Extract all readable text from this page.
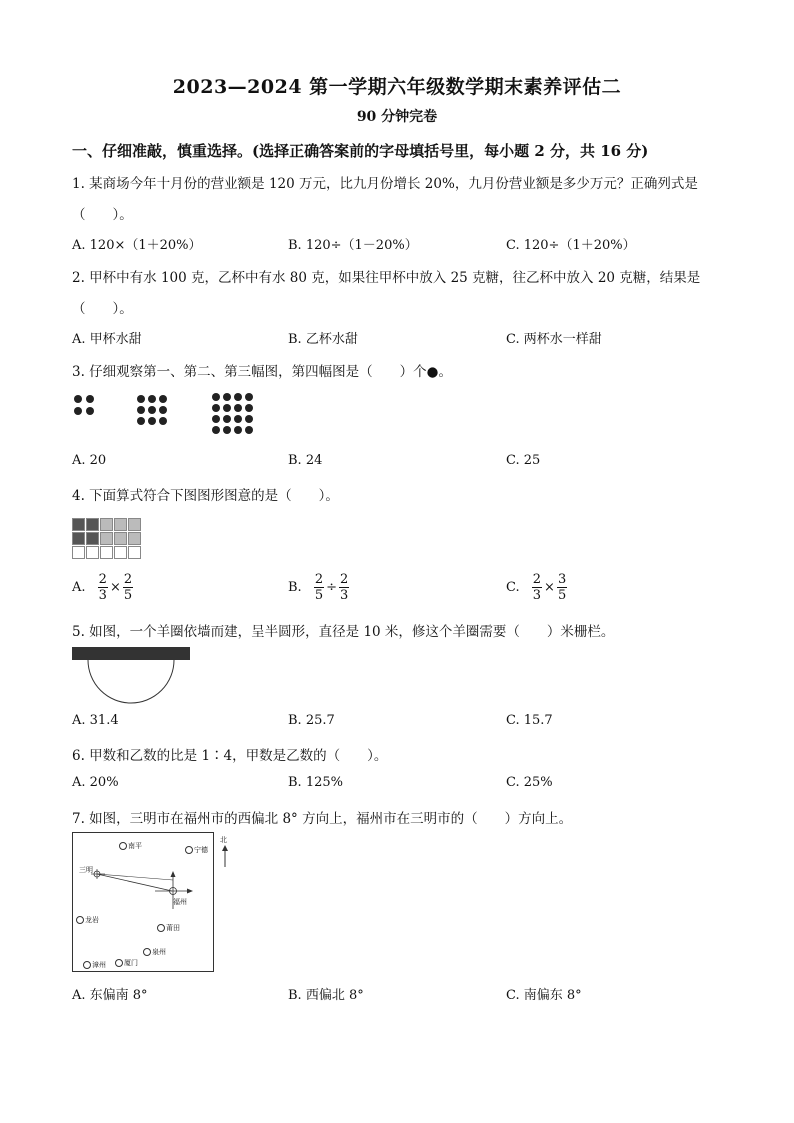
2023—2024 第一学期六年级数学期末素养评估二
90 分钟完卷
一、仔细准敲，慎重选择。(选择正确答案前的字母填括号里，每小题 2 分，共 16 分)
1. 某商场今年十月份的营业额是 120 万元，比九月份增长 20%，九月份营业额是多少万元？正确列式是
（　　）。
A. 120×（1＋20%）	B. 120÷（1－20%）	C. 120÷（1＋20%）
2. 甲杯中有水 100 克，乙杯中有水 80 克，如果往甲杯中放入 25 克糖，往乙杯中放入 20 克糖，结果是
（　　）。
A. 甲杯水甜	B. 乙杯水甜	C. 两杯水一样甜
3. 仔细观察第一、第二、第三幅图，第四幅图是（　　）个●。
A. 20	B. 24	C. 25
4. 下面算式符合下图图形图意的是（　　）。
A. $\frac{2}{3} \times \frac{2}{5}$	B. $\frac{2}{5} \div \frac{2}{3}$	C. $\frac{2}{3} \times \frac{3}{5}$
5. 如图，一个羊圈依墙而建，呈半圆形，直径是 10 米，修这个羊圈需要（　　）米栅栏。
A. 31.4	B. 25.7	C. 15.7
6. 甲数和乙数的比是 1∶4，甲数是乙数的（　　）。
A. 20%	B. 125%	C. 25%
7. 如图，三明市在福州市的西偏北 8° 方向上，福州市在三明市的（　　）方向上。
南平	宁德
三明
龙岩
莆田
泉州
漳州	厦门
福州
北
A. 东偏南 8°	B. 西偏北 8°	C. 南偏东 8°
